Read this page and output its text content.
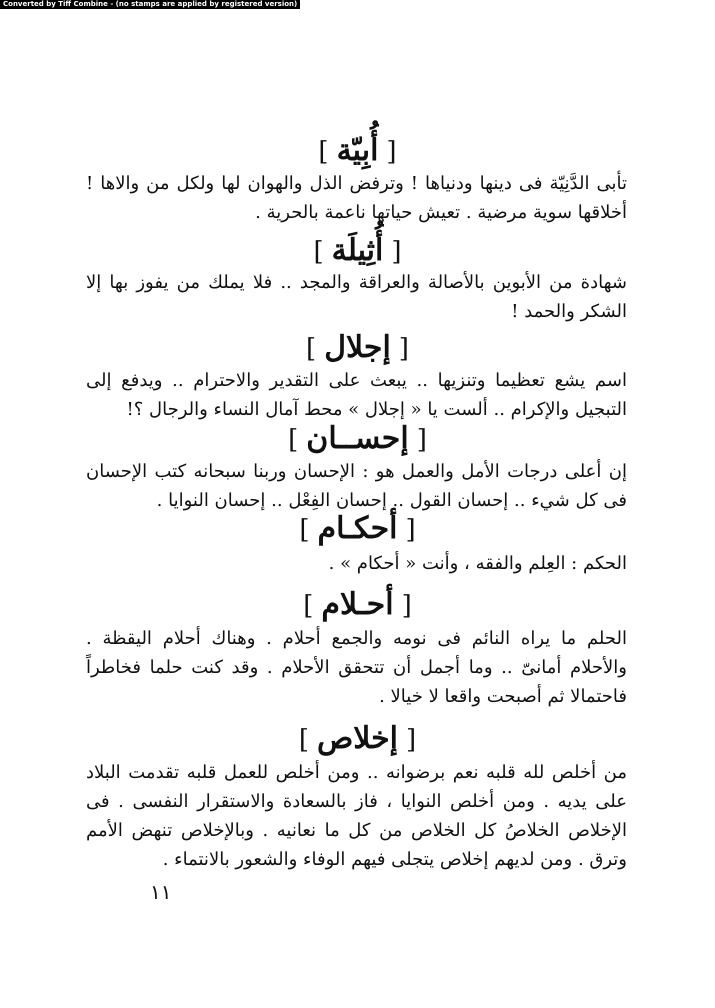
Converted by Tiff Combine - (no stamps are applied by registered version)
[أُبِيّة]

تأبى الدَّنِيّة فى دينها ودنياها ! وترفض الذل والهوان لها ولكل من والاها ! أخلاقها سوية مرضية . تعيش حياتها ناعمة بالحرية .

[أُثِيلَة]

شهادة من الأبوين بالأصالة والعراقة والمجد .. فلا يملك من يفوز بها إلا الشكر والحمد !

[إجلال]

اسم يشع تعظيما وتنزيها .. يبعث على التقدير والاحترام .. ويدفع إلى التبجيل والإكرام .. ألست يا « إجلال » محط آمال النساء والرجال ؟!

[إحســان]

إن أعلى درجات الأمل والعمل هو : الإحسان وربنا سبحانه كتب الإحسان فى كل شيء .. إحسان القول .. إحسان الفِعْل .. إحسان النوايا .

[أحكـام]

الحكم : العِلم والفقه ، وأنت « أحكام » .

[أحـلام]

الحلم ما يراه النائم فى نومه والجمع أحلام . وهناك أحلام اليقظة . والأحلام أمانىّ .. وما أجمل أن تتحقق الأحلام . وقد كنت حلما فخاطراً فاحتمالا ثم أصبحت واقعا لا خيالا .

[إخلاص]

من أخلص لله قلبه نعم برضوانه .. ومن أخلص للعمل قلبه تقدمت البلاد على يديه . ومن أخلص النوايا ، فاز بالسعادة والاستقرار النفسى . فى الإخلاص الخلاصُ كل الخلاص من كل ما نعانيه . وبالإخلاص تنهض الأمم وترق . ومن لديهم إخلاص يتجلى فيهم الوفاء والشعور بالانتماء .

١١
